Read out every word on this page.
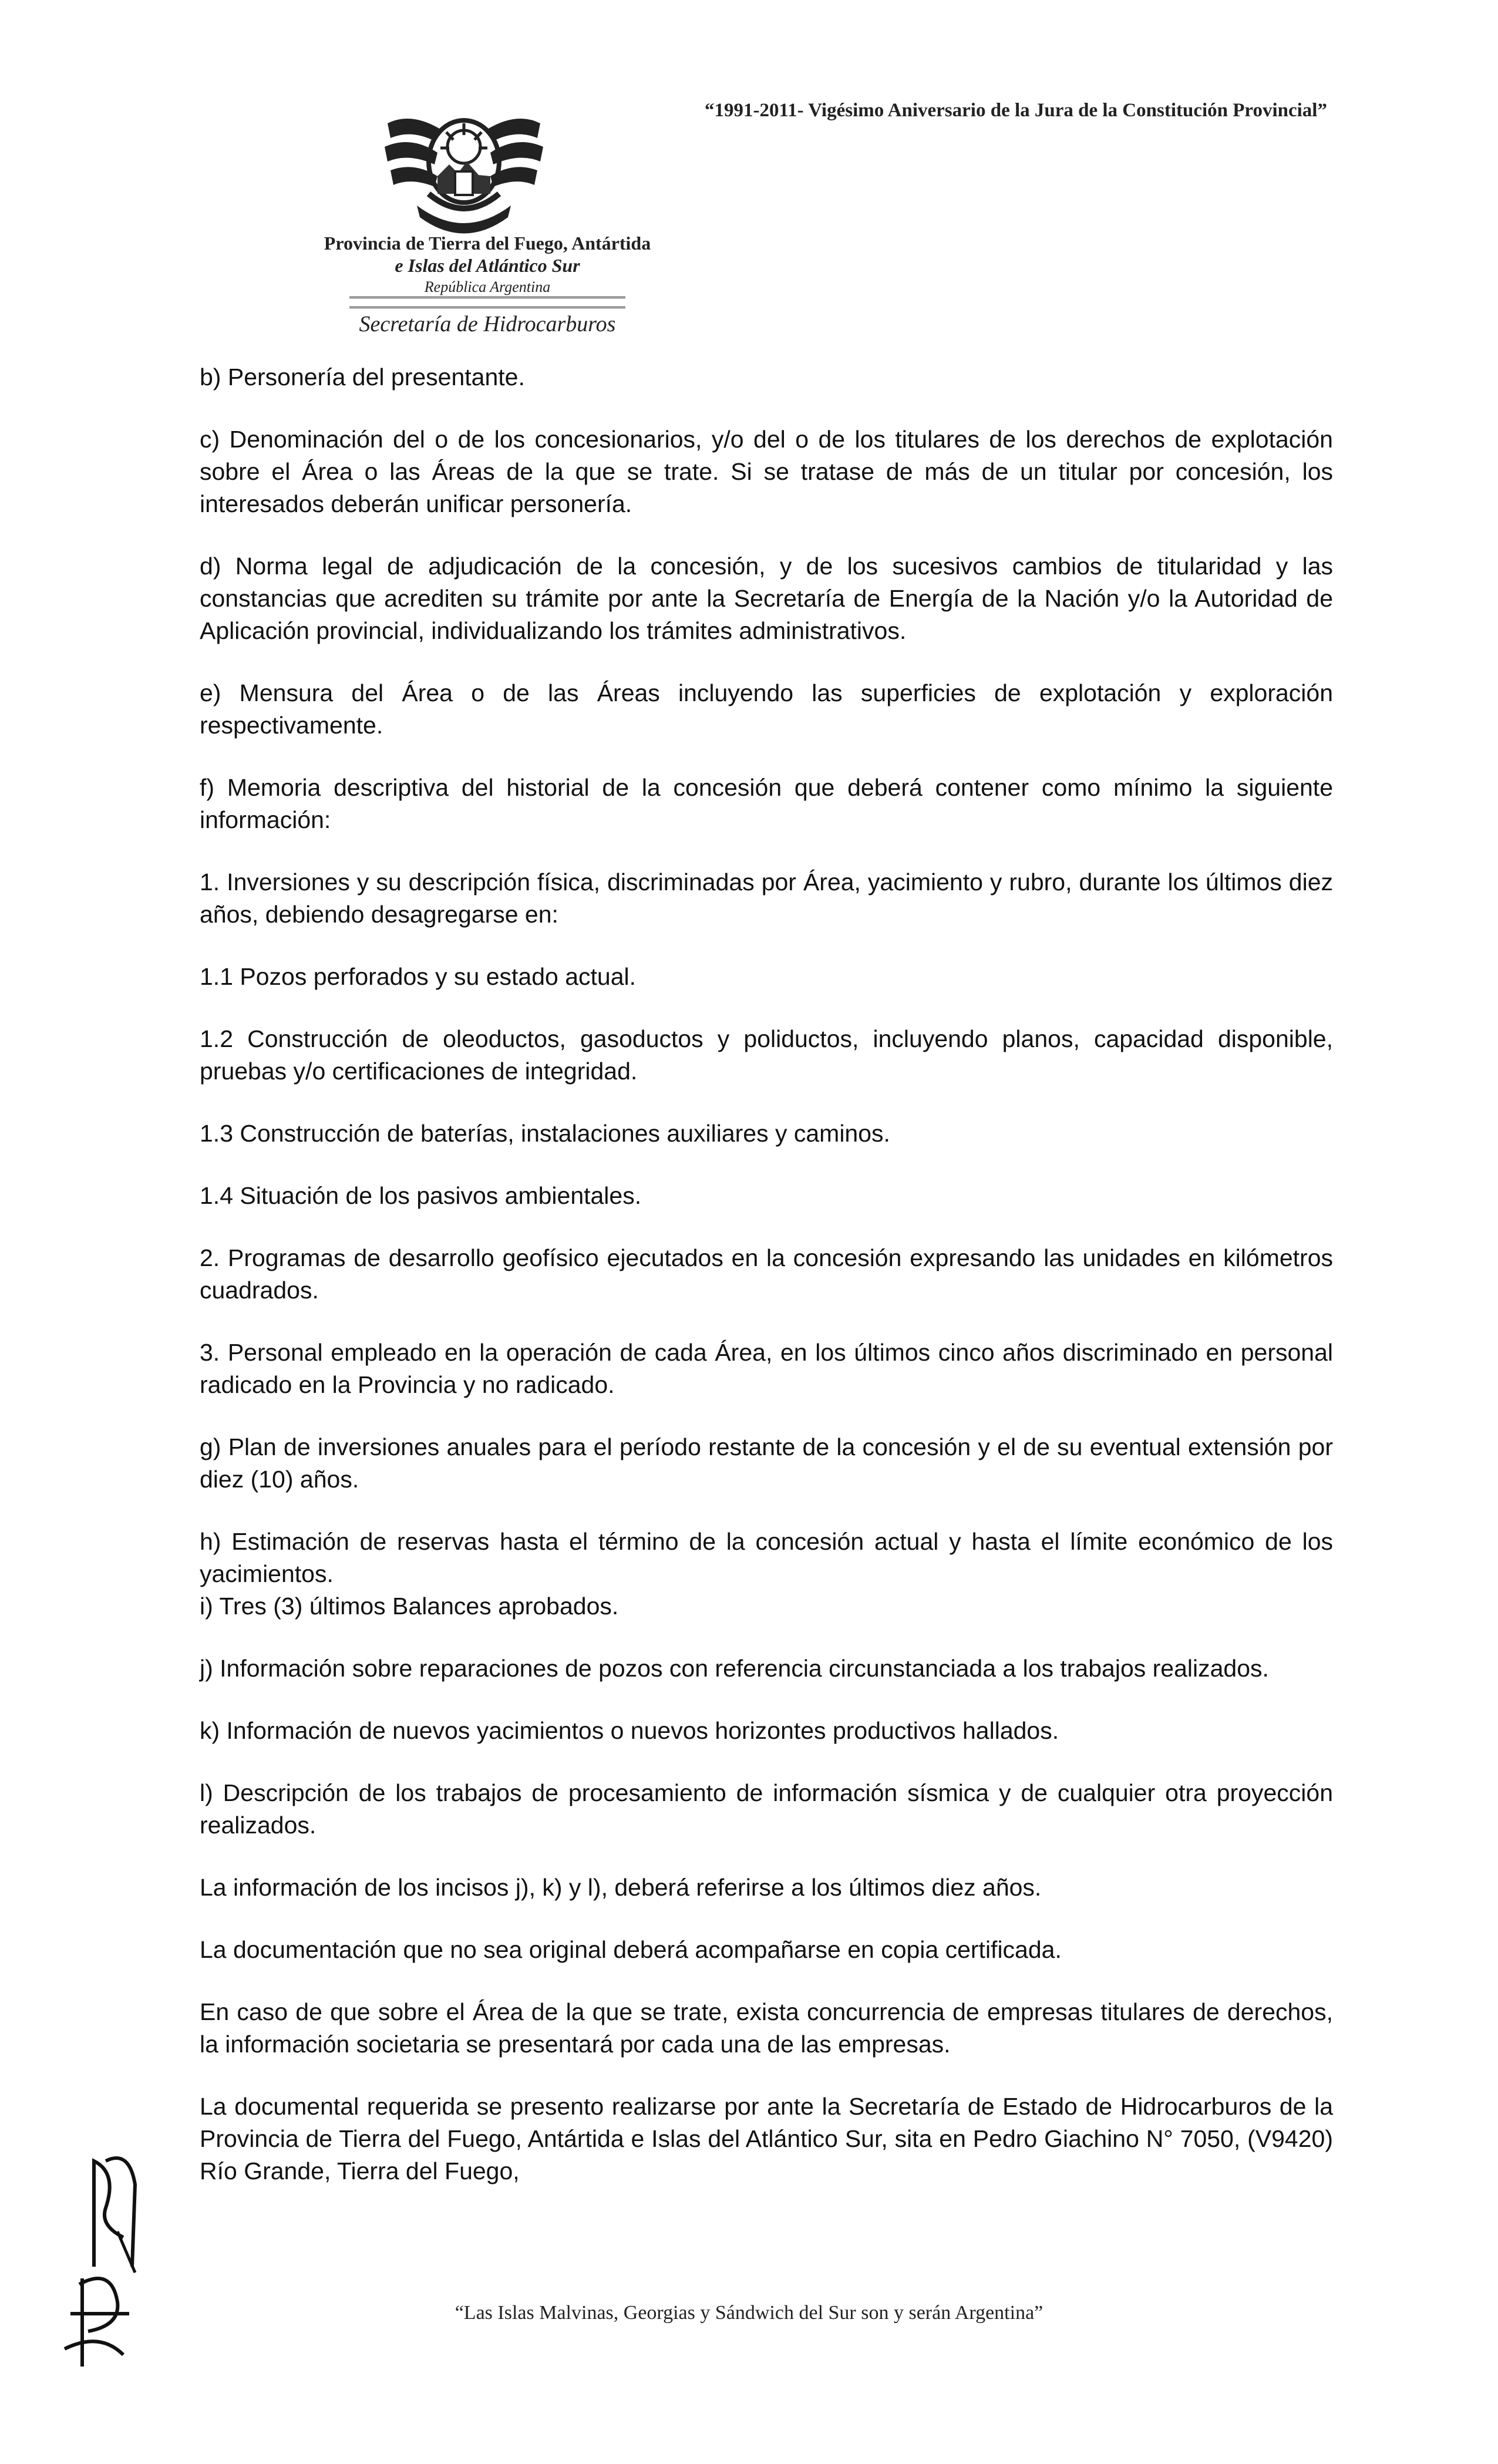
“1991-2011- Vigésimo Aniversario de la Jura de la Constitución Provincial”
Provincia de Tierra del Fuego, Antártida
e Islas del Atlántico Sur
República Argentina
Secretaría de Hidrocarburos

b) Personería del presentante.

c) Denominación del o de los concesionarios, y/o del o de los titulares de los derechos de explotación sobre el Área o las Áreas de la que se trate. Si se tratase de más de un titular por concesión, los interesados deberán unificar personería.

d) Norma legal de adjudicación de la concesión, y de los sucesivos cambios de titularidad y las constancias que acrediten su trámite por ante la Secretaría de Energía de la Nación y/o la Autoridad de Aplicación provincial, individualizando los trámites administrativos.

e) Mensura del Área o de las Áreas incluyendo las superficies de explotación y exploración respectivamente.

f) Memoria descriptiva del historial de la concesión que deberá contener como mínimo la siguiente información:

1. Inversiones y su descripción física, discriminadas por Área, yacimiento y rubro, durante los últimos diez años, debiendo desagregarse en:

1.1 Pozos perforados y su estado actual.

1.2 Construcción de oleoductos, gasoductos y poliductos, incluyendo planos, capacidad disponible, pruebas y/o certificaciones de integridad.

1.3 Construcción de baterías, instalaciones auxiliares y caminos.

1.4 Situación de los pasivos ambientales.

2. Programas de desarrollo geofísico ejecutados en la concesión expresando las unidades en kilómetros cuadrados.

3. Personal empleado en la operación de cada Área, en los últimos cinco años discriminado en personal radicado en la Provincia y no radicado.

g) Plan de inversiones anuales para el período restante de la concesión y el de su eventual extensión por diez (10) años.

h) Estimación de reservas hasta el término de la concesión actual y hasta el límite económico de los yacimientos.

i) Tres (3) últimos Balances aprobados.

j) Información sobre reparaciones de pozos con referencia circunstanciada a los trabajos realizados.

k) Información de nuevos yacimientos o nuevos horizontes productivos hallados.

l) Descripción de los trabajos de procesamiento de información sísmica y de cualquier otra proyección realizados.

La información de los incisos j), k) y l), deberá referirse a los últimos diez años.

La documentación que no sea original deberá acompañarse en copia certificada.

En caso de que sobre el Área de la que se trate, exista concurrencia de empresas titulares de derechos, la información societaria se presentará por cada una de las empresas.

La documental requerida se presento realizarse por ante la Secretaría de Estado de Hidrocarburos de la Provincia de Tierra del Fuego, Antártida e Islas del Atlántico Sur, sita en Pedro Giachino N° 7050, (V9420) Río Grande, Tierra del Fuego,

“Las Islas Malvinas, Georgias y Sándwich del Sur son y serán Argentina”
